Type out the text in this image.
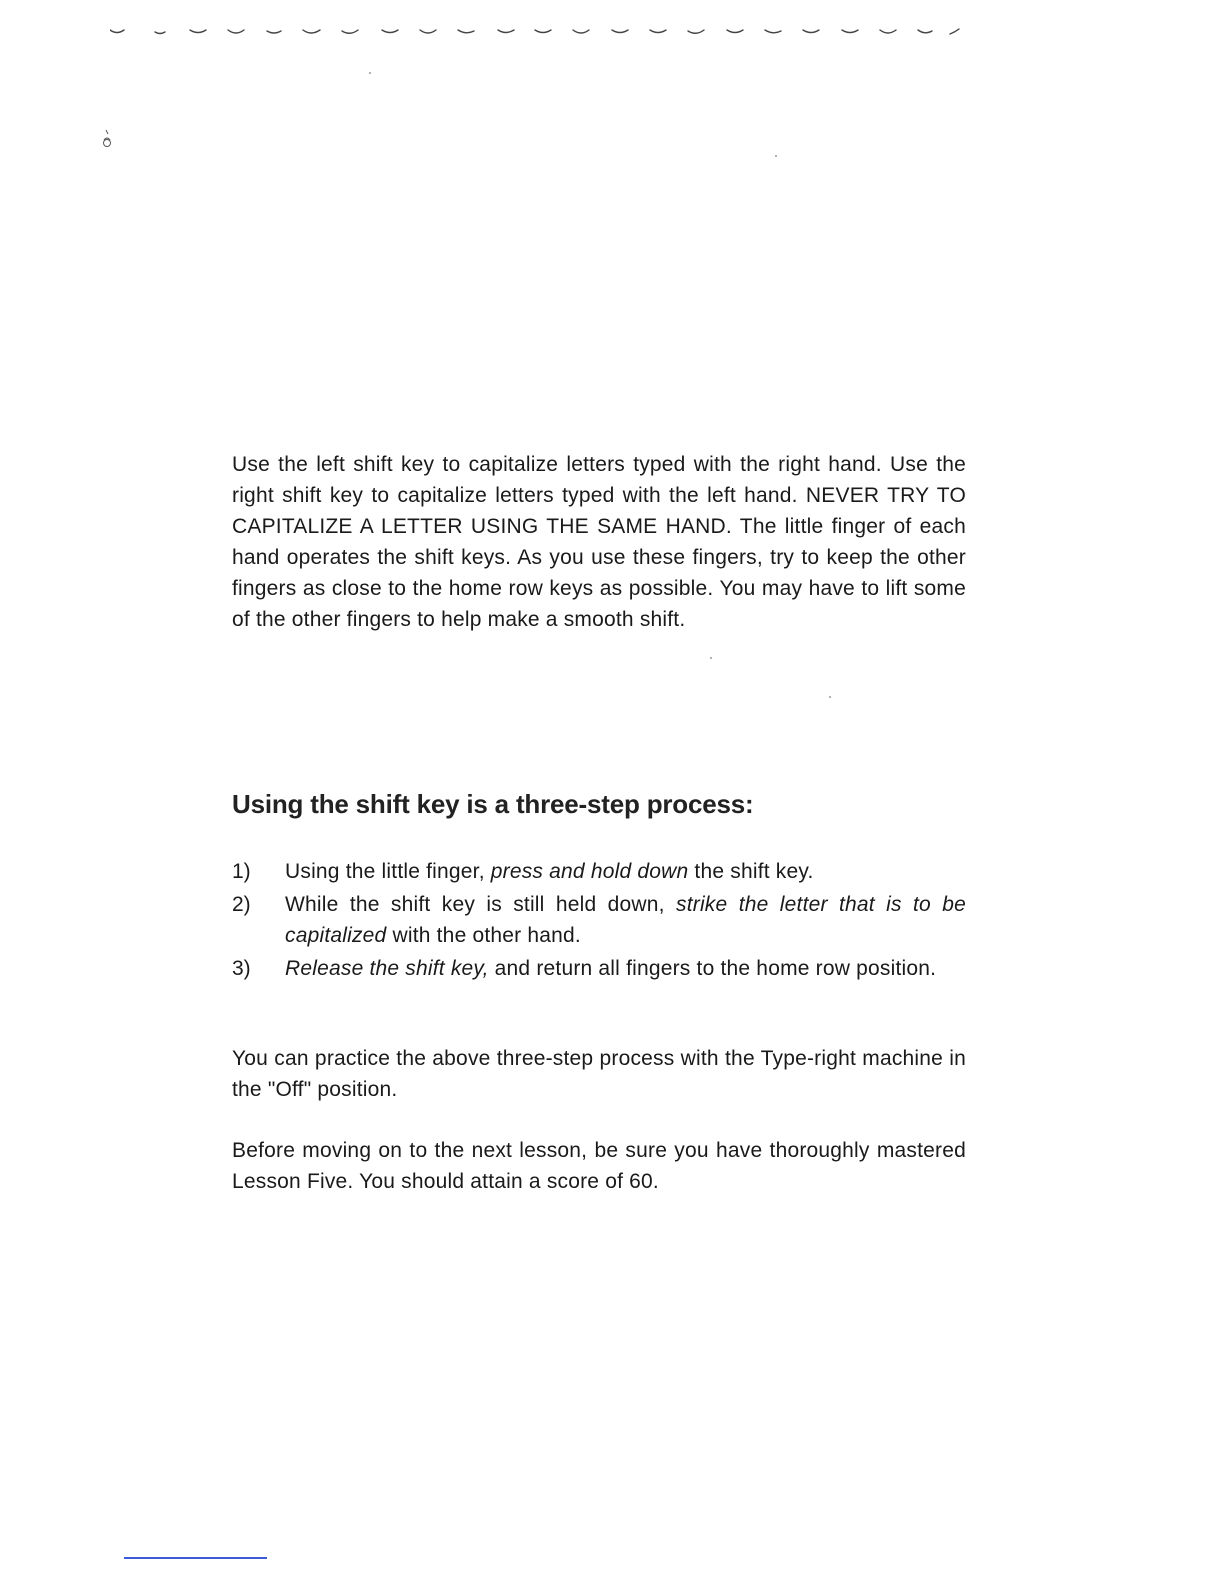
Use the left shift key to capitalize letters typed with the right hand. Use the right shift key to capitalize letters typed with the left hand. NEVER TRY TO CAPITALIZE A LETTER USING THE SAME HAND. The little finger of each hand operates the shift keys. As you use these fingers, try to keep the other fingers as close to the home row keys as possible. You may have to lift some of the other fingers to help make a smooth shift.

Using the shift key is a three-step process:
1)	Using the little finger, press and hold down the shift key.
2)	While the shift key is still held down, strike the letter that is to be capitalized with the other hand.
3)	Release the shift key, and return all fingers to the home row position.

You can practice the above three-step process with the Type-right machine in the "Off" position.

Before moving on to the next lesson, be sure you have thoroughly mastered Lesson Five. You should attain a score of 60.
